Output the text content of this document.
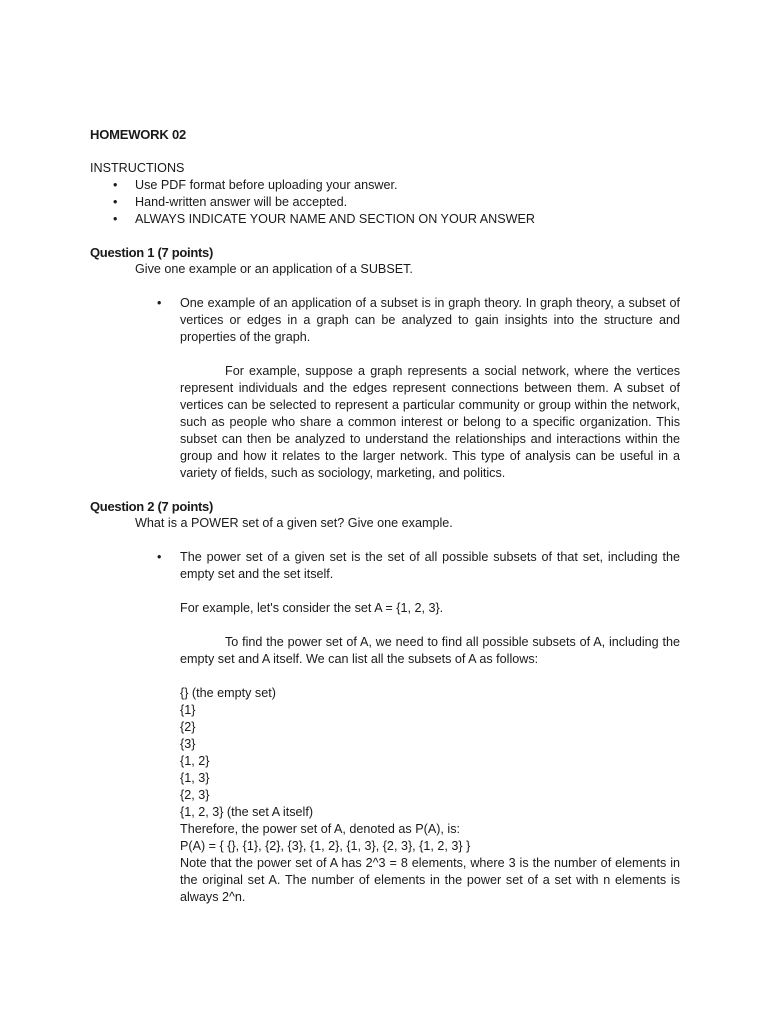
HOMEWORK 02
INSTRUCTIONS
• Use PDF format before uploading your answer.
• Hand-written answer will be accepted.
• ALWAYS INDICATE YOUR NAME AND SECTION ON YOUR ANSWER
Question 1 (7 points)
Give one example or an application of a SUBSET.
• One example of an application of a subset is in graph theory. In graph theory, a subset of vertices or edges in a graph can be analyzed to gain insights into the structure and properties of the graph.

For example, suppose a graph represents a social network, where the vertices represent individuals and the edges represent connections between them. A subset of vertices can be selected to represent a particular community or group within the network, such as people who share a common interest or belong to a specific organization. This subset can then be analyzed to understand the relationships and interactions within the group and how it relates to the larger network. This type of analysis can be useful in a variety of fields, such as sociology, marketing, and politics.

Question 2 (7 points)
What is a POWER set of a given set? Give one example.
• The power set of a given set is the set of all possible subsets of that set, including the empty set and the set itself.

For example, let's consider the set A = {1, 2, 3}.

To find the power set of A, we need to find all possible subsets of A, including the empty set and A itself. We can list all the subsets of A as follows:

{} (the empty set)
{1}
{2}
{3}
{1, 2}
{1, 3}
{2, 3}
{1, 2, 3} (the set A itself)

Therefore, the power set of A, denoted as P(A), is:

P(A) = { {}, {1}, {2}, {3}, {1, 2}, {1, 3}, {2, 3}, {1, 2, 3} }

Note that the power set of A has 2^3 = 8 elements, where 3 is the number of elements in the original set A. The number of elements in the power set of a set with n elements is always 2^n.
